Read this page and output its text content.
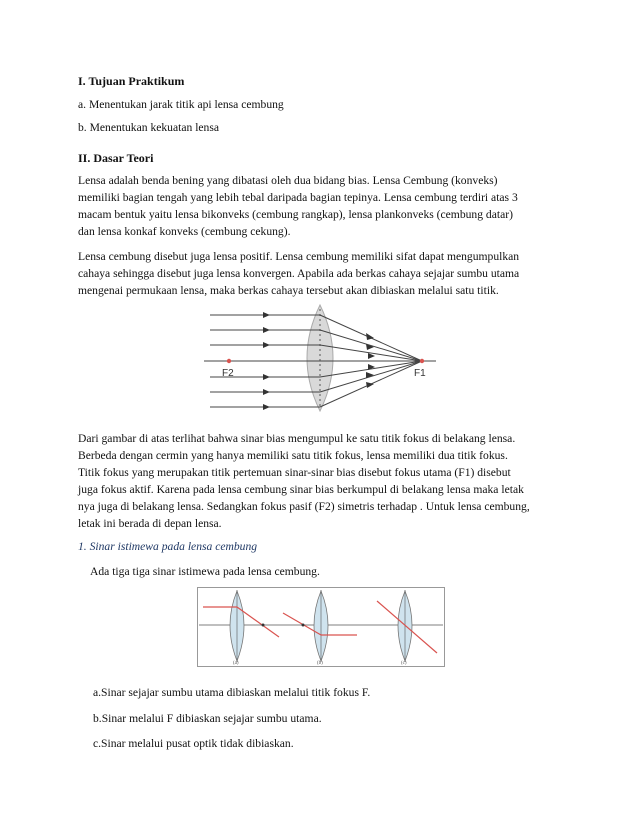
I. Tujuan Praktikum
a. Menentukan jarak titik api lensa cembung
b. Menentukan kekuatan lensa
II. Dasar Teori
Lensa adalah benda bening yang dibatasi oleh dua bidang bias. Lensa Cembung (konveks)
memiliki bagian tengah yang lebih tebal daripada bagian tepinya. Lensa cembung terdiri atas 3
macam bentuk yaitu lensa bikonveks (cembung rangkap), lensa plankonveks (cembung datar)
dan lensa konkaf konveks (cembung cekung).
Lensa cembung disebut juga lensa positif. Lensa cembung memiliki sifat dapat mengumpulkan
cahaya sehingga disebut juga lensa konvergen. Apabila ada berkas cahaya sejajar sumbu utama
mengenai permukaan lensa, maka berkas cahaya tersebut akan dibiaskan melalui satu titik.
F2	F1
Dari gambar di atas terlihat bahwa sinar bias mengumpul ke satu titik fokus di belakang lensa.
Berbeda dengan cermin yang hanya memiliki satu titik fokus, lensa memiliki dua titik fokus.
Titik fokus yang merupakan titik pertemuan sinar-sinar bias disebut fokus utama (F1) disebut
juga fokus aktif. Karena pada lensa cembung sinar bias berkumpul di belakang lensa maka letak
nya juga di belakang lensa. Sedangkan fokus pasif (F2) simetris terhadap . Untuk lensa cembung,
letak ini berada di depan lensa.
1. Sinar istimewa pada lensa cembung
Ada tiga tiga sinar istimewa pada lensa cembung.
(a)	(b)	(c)
a.Sinar sejajar sumbu utama dibiaskan melalui titik fokus F.
b.Sinar melalui F dibiaskan sejajar sumbu utama.
c.Sinar melalui pusat optik tidak dibiaskan.
